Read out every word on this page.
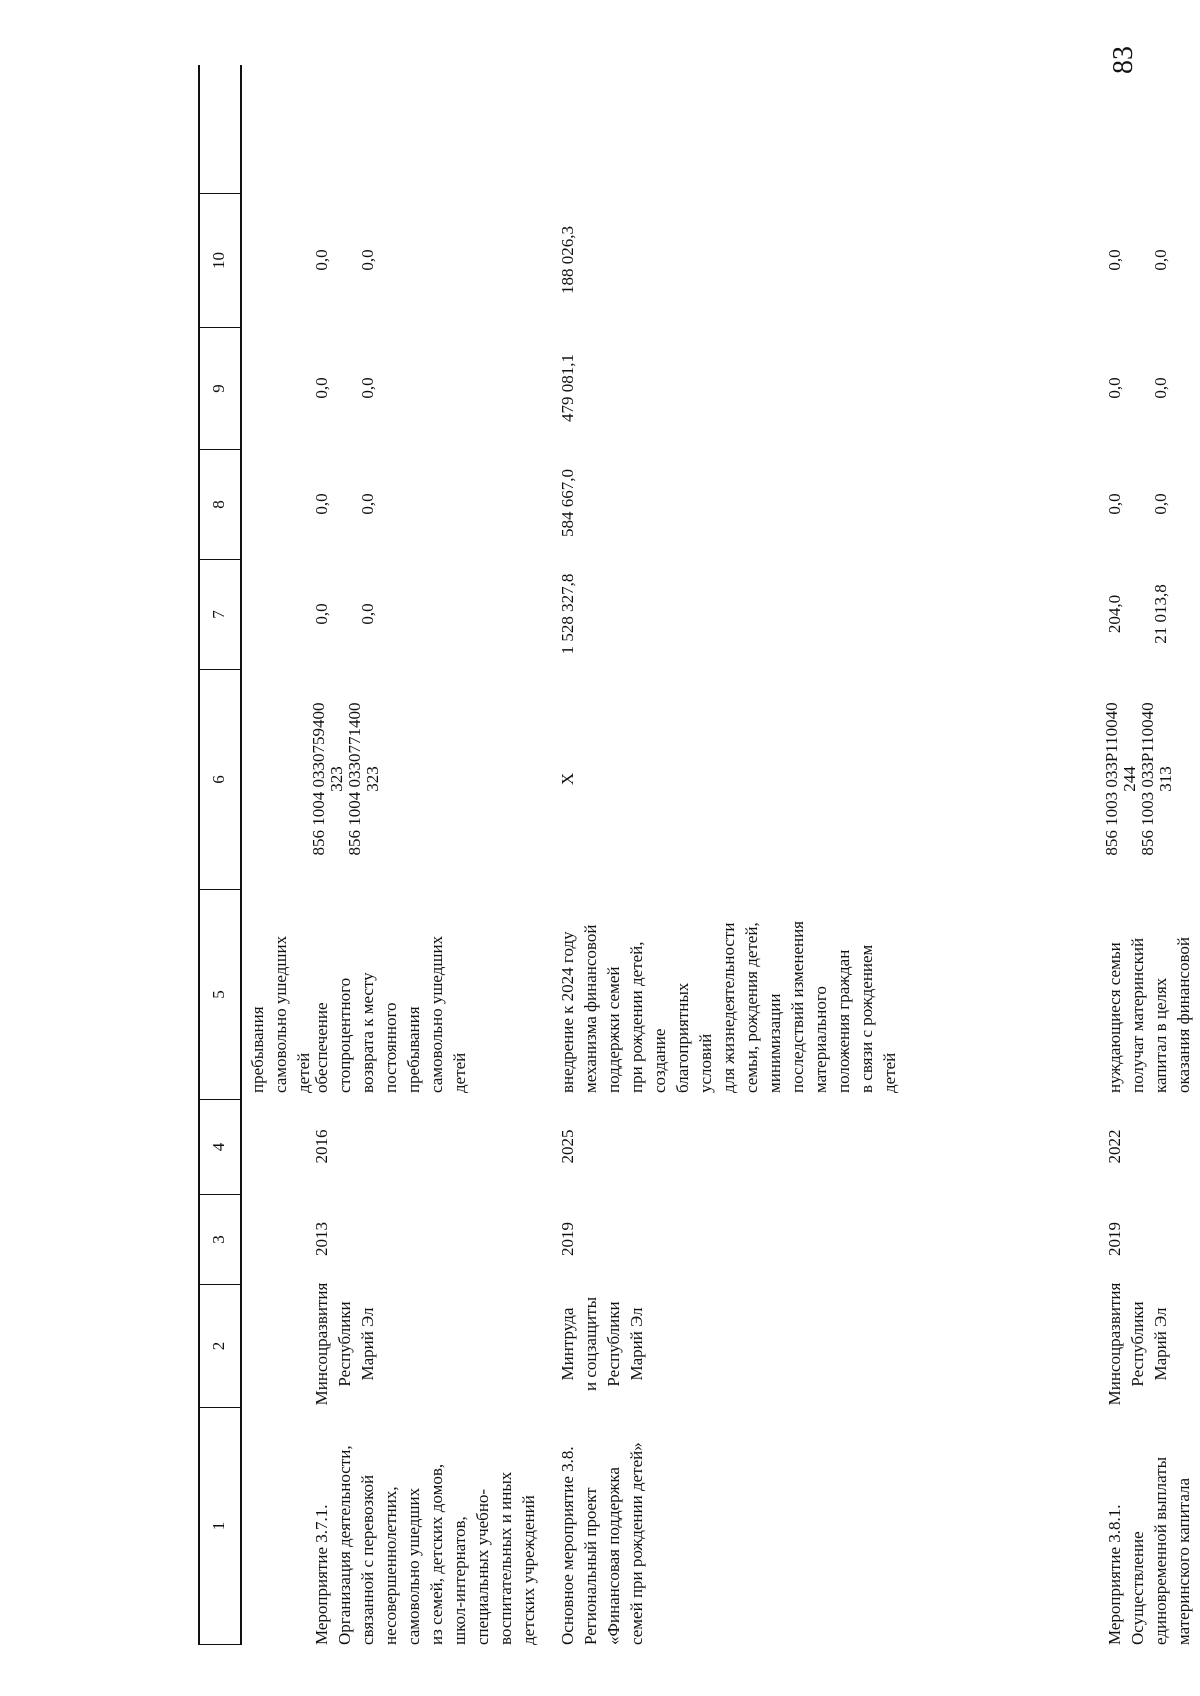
83
1
2
3
4
5
6
7
8
9
10
пребывания
самовольно ушедших
детей
Мероприятие 3.7.1.
Организация деятельности,
связанной с перевозкой
несовершеннолетних,
самовольно ушедших
из семей, детских домов,
школ-интернатов,
специальных учебно-
воспитательных и иных
детских учреждений
Минсоцразвития
Республики
Марий Эл
2013
2016
обеспечение
стопроцентного
возврата к месту
постоянного
пребывания
самовольно ушедших
детей
856 1004 0330759400
323
856 1004 0330771400
323
0,0

0,0
0,0

0,0
0,0

0,0
0,0

0,0
Основное мероприятие 3.8.
Региональный проект
«Финансовая поддержка
семей при рождении детей»
Минтруда
и соцзащиты
Республики
Марий Эл
2019
2025
внедрение к 2024 году
механизма финансовой
поддержки семей
при рождении детей,
создание
благоприятных
условий
для жизнедеятельности
семьи, рождения детей,
минимизации
последствий изменения
материального
положения граждан
в связи с рождением
детей
Х
1 528 327,8
584 667,0
479 081,1
188 026,3
Мероприятие 3.8.1.
Осуществление
единовременной выплаты
материнского капитала
Минсоцразвития
Республики
Марий Эл
2019
2022
нуждающиеся семьи
получат материнский
капитал в целях
оказания финансовой
856 1003 033P110040
244
856 1003 033P110040
313
204,0

21 013,8
0,0

0,0
0,0

0,0
0,0

0,0
